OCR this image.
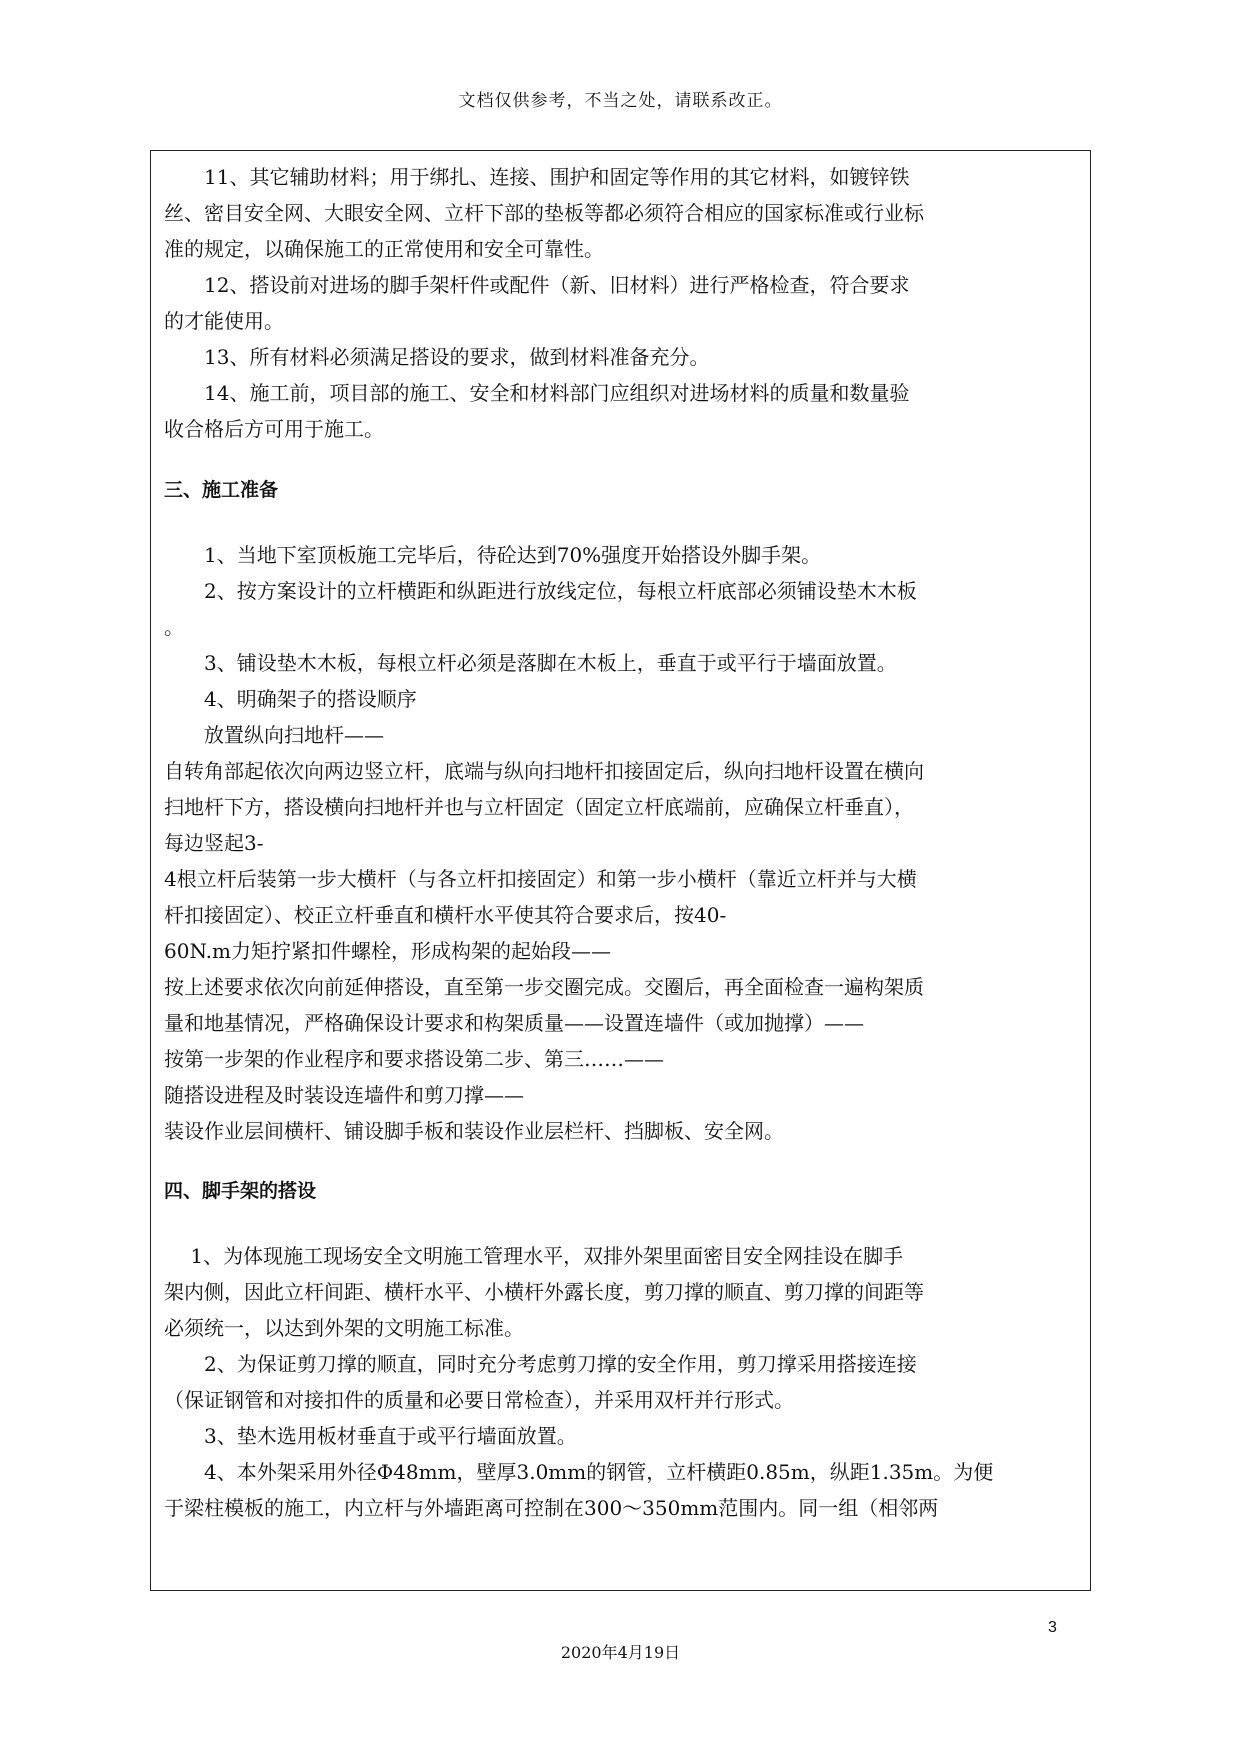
文档仅供参考，不当之处，请联系改正。
　　11、其它辅助材料；用于绑扎、连接、围护和固定等作用的其它材料，如镀锌铁
丝、密目安全网、大眼安全网、立杆下部的垫板等都必须符合相应的国家标准或行业标
准的规定，以确保施工的正常使用和安全可靠性。
　　12、搭设前对进场的脚手架杆件或配件（新、旧材料）进行严格检查，符合要求
的才能使用。
　　13、所有材料必须满足搭设的要求，做到材料准备充分。
　　14、施工前，项目部的施工、安全和材料部门应组织对进场材料的质量和数量验
收合格后方可用于施工。
三、施工准备
　　1、当地下室顶板施工完毕后，待砼达到70%强度开始搭设外脚手架。
　　2、按方案设计的立杆横距和纵距进行放线定位，每根立杆底部必须铺设垫木木板
。
　　3、铺设垫木木板，每根立杆必须是落脚在木板上，垂直于或平行于墙面放置。
　　4、明确架子的搭设顺序
　　放置纵向扫地杆——
自转角部起依次向两边竖立杆，底端与纵向扫地杆扣接固定后，纵向扫地杆设置在横向
扫地杆下方，搭设横向扫地杆并也与立杆固定（固定立杆底端前，应确保立杆垂直），
每边竖起3-
4根立杆后装第一步大横杆（与各立杆扣接固定）和第一步小横杆（靠近立杆并与大横
杆扣接固定）、校正立杆垂直和横杆水平使其符合要求后，按40-
60N.m力矩拧紧扣件螺栓，形成构架的起始段——
按上述要求依次向前延伸搭设，直至第一步交圈完成。交圈后，再全面检查一遍构架质
量和地基情况，严格确保设计要求和构架质量——设置连墙件（或加抛撑）——
按第一步架的作业程序和要求搭设第二步、第三……——
随搭设进程及时装设连墙件和剪刀撑——
装设作业层间横杆、铺设脚手板和装设作业层栏杆、挡脚板、安全网。
四、脚手架的搭设
　 1、为体现施工现场安全文明施工管理水平，双排外架里面密目安全网挂设在脚手
架内侧，因此立杆间距、横杆水平、小横杆外露长度，剪刀撑的顺直、剪刀撑的间距等
必须统一，以达到外架的文明施工标准。
　　2、为保证剪刀撑的顺直，同时充分考虑剪刀撑的安全作用，剪刀撑采用搭接连接
（保证钢管和对接扣件的质量和必要日常检查），并采用双杆并行形式。
　　3、垫木选用板材垂直于或平行墙面放置。
　　4、本外架采用外径Φ48mm，壁厚3.0mm的钢管，立杆横距0.85m，纵距1.35m。为便
于梁柱模板的施工，内立杆与外墙距离可控制在300～350mm范围内。同一组（相邻两
3
2020年4月19日
